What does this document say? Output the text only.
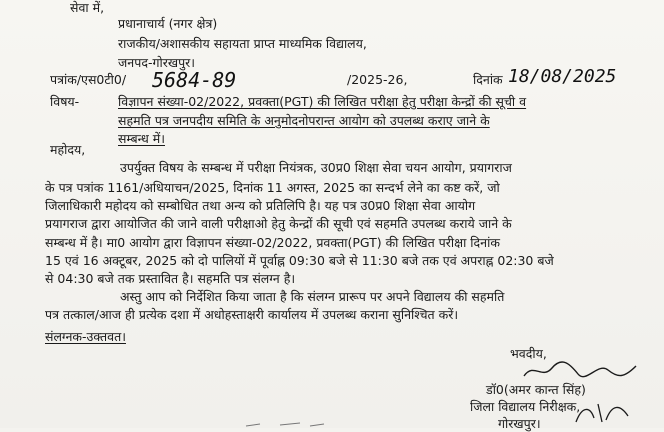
सेवा में,
प्रधानाचार्य (नगर क्षेत्र)
राजकीय/अशासकीय सहायता प्राप्त माध्यमिक विद्यालय,
जनपद-गोरखपुर।
पत्रांक/एस0टी0/ 5684-89	/2025-26,	दिनांक 18/08/2025
विषय-	विज्ञापन संख्या-02/2022, प्रवक्ता(PGT) की लिखित परीक्षा हेतु परीक्षा केन्द्रों की सूची व
सहमति पत्र जनपदीय समिति के अनुमोदनोपरान्त आयोग को उपलब्ध कराए जाने के
सम्बन्ध में।
महोदय,
उपर्युक्त विषय के सम्बन्ध में परीक्षा नियंत्रक, उ0प्र0 शिक्षा सेवा चयन आयोग, प्रयागराज
के पत्र पत्रांक 1161/अधियाचन/2025, दिनांक 11 अगस्त, 2025 का सन्दर्भ लेने का कष्ट करें, जो
जिलाधिकारी महोदय को सम्बोधित तथा अन्य को प्रतिलिपि है। यह पत्र उ0प्र0 शिक्षा सेवा आयोग
प्रयागराज द्वारा आयोजित की जाने वाली परीक्षाओ हेतु केन्द्रों की सूची एवं सहमति उपलब्ध कराये जाने के
सम्बन्ध में है। मा0 आयोग द्वारा विज्ञापन संख्या-02/2022, प्रवक्ता(PGT) की लिखित परीक्षा दिनांक
15 एवं 16 अक्टूबर, 2025 को दो पालियों में पूर्वाह्न 09:30 बजे से 11:30 बजे तक एवं अपराह्न 02:30 बजे
से 04:30 बजे तक प्रस्तावित है। सहमति पत्र संलग्न है।
अस्तु आप को निर्देशित किया जाता है कि संलग्न प्रारूप पर अपने विद्यालय की सहमति
पत्र तत्काल/आज ही प्रत्येक दशा में अधोहस्ताक्षरी कार्यालय में उपलब्ध कराना सुनिश्चित करें।
संलग्नक-उक्तवत।
भवदीय,
डॉ0(अमर कान्त सिंह)
जिला विद्यालय निरीक्षक,
गोरखपुर।
